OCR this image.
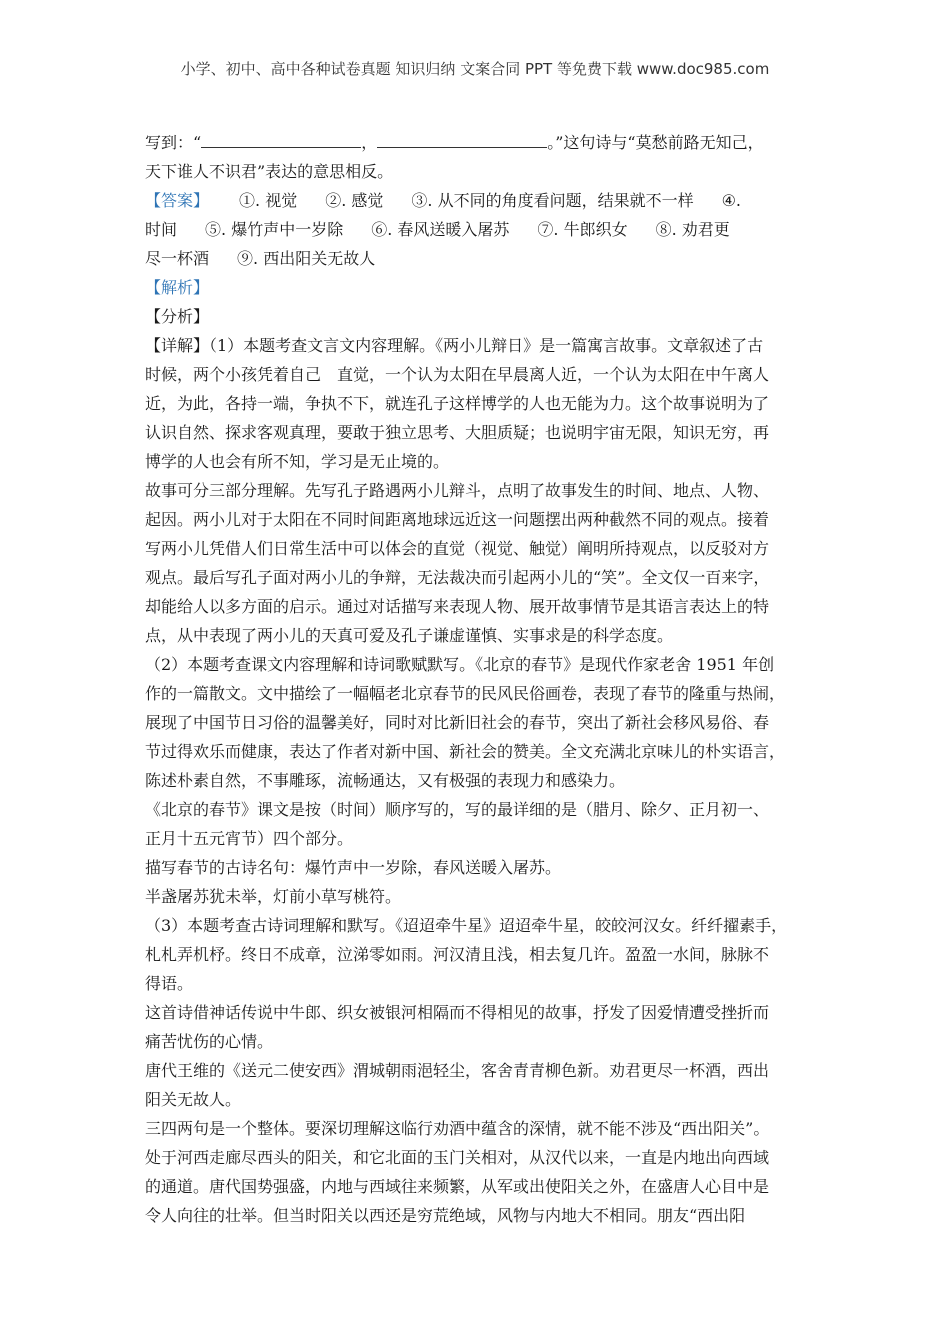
小学、初中、高中各种试卷真题 知识归纳 文案合同 PPT 等免费下载 www.doc985.com
写到：“	，	。”这句诗与“莫愁前路无知己，
天下谁人不识君”表达的意思相反。
【答案】 ①. 视觉 ②. 感觉 ③. 从不同的角度看问题，结果就不一样 ④.
时间 ⑤. 爆竹声中一岁除 ⑥. 春风送暖入屠苏 ⑦. 牛郎织女 ⑧. 劝君更
尽一杯酒 ⑨. 西出阳关无故人
【解析】
【分析】
【详解】（1）本题考查文言文内容理解。《两小儿辩日》是一篇寓言故事。文章叙述了古
时候，两个小孩凭着自己　直觉，一个认为太阳在早晨离人近，一个认为太阳在中午离人
近，为此，各持一端，争执不下，就连孔子这样博学的人也无能为力。这个故事说明为了
认识自然、探求客观真理，要敢于独立思考、大胆质疑；也说明宇宙无限，知识无穷，再
博学的人也会有所不知，学习是无止境的。
故事可分三部分理解。先写孔子路遇两小儿辩斗，点明了故事发生的时间、地点、人物、
起因。两小儿对于太阳在不同时间距离地球远近这一问题摆出两种截然不同的观点。接着
写两小儿凭借人们日常生活中可以体会的直觉（视觉、触觉）阐明所持观点，以反驳对方
观点。最后写孔子面对两小儿的争辩，无法裁决而引起两小儿的“笑”。全文仅一百来字，
却能给人以多方面的启示。通过对话描写来表现人物、展开故事情节是其语言表达上的特
点，从中表现了两小儿的天真可爱及孔子谦虚谨慎、实事求是的科学态度。
（2）本题考查课文内容理解和诗词歌赋默写。《北京的春节》是现代作家老舍 1951 年创
作的一篇散文。文中描绘了一幅幅老北京春节的民风民俗画卷，表现了春节的隆重与热闹，
展现了中国节日习俗的温馨美好，同时对比新旧社会的春节，突出了新社会移风易俗、春
节过得欢乐而健康，表达了作者对新中国、新社会的赞美。全文充满北京味儿的朴实语言，
陈述朴素自然，不事雕琢，流畅通达，又有极强的表现力和感染力。
《北京的春节》课文是按（时间）顺序写的，写的最详细的是（腊月、除夕、正月初一、
正月十五元宵节）四个部分。
描写春节的古诗名句：爆竹声中一岁除，春风送暖入屠苏。
半盏屠苏犹未举，灯前小草写桃符。
（3）本题考查古诗词理解和默写。《迢迢牵牛星》迢迢牵牛星，皎皎河汉女。纤纤擢素手，
札札弄机杼。终日不成章，泣涕零如雨。河汉清且浅，相去复几许。盈盈一水间，脉脉不
得语。
这首诗借神话传说中牛郎、织女被银河相隔而不得相见的故事，抒发了因爱情遭受挫折而
痛苦忧伤的心情。
唐代王维的《送元二使安西》渭城朝雨浥轻尘，客舍青青柳色新。劝君更尽一杯酒，西出
阳关无故人。
三四两句是一个整体。要深切理解这临行劝酒中蕴含的深情，就不能不涉及“西出阳关”。
处于河西走廊尽西头的阳关，和它北面的玉门关相对，从汉代以来，一直是内地出向西域
的通道。唐代国势强盛，内地与西域往来频繁，从军或出使阳关之外，在盛唐人心目中是
令人向往的壮举。但当时阳关以西还是穷荒绝域，风物与内地大不相同。朋友“西出阳
